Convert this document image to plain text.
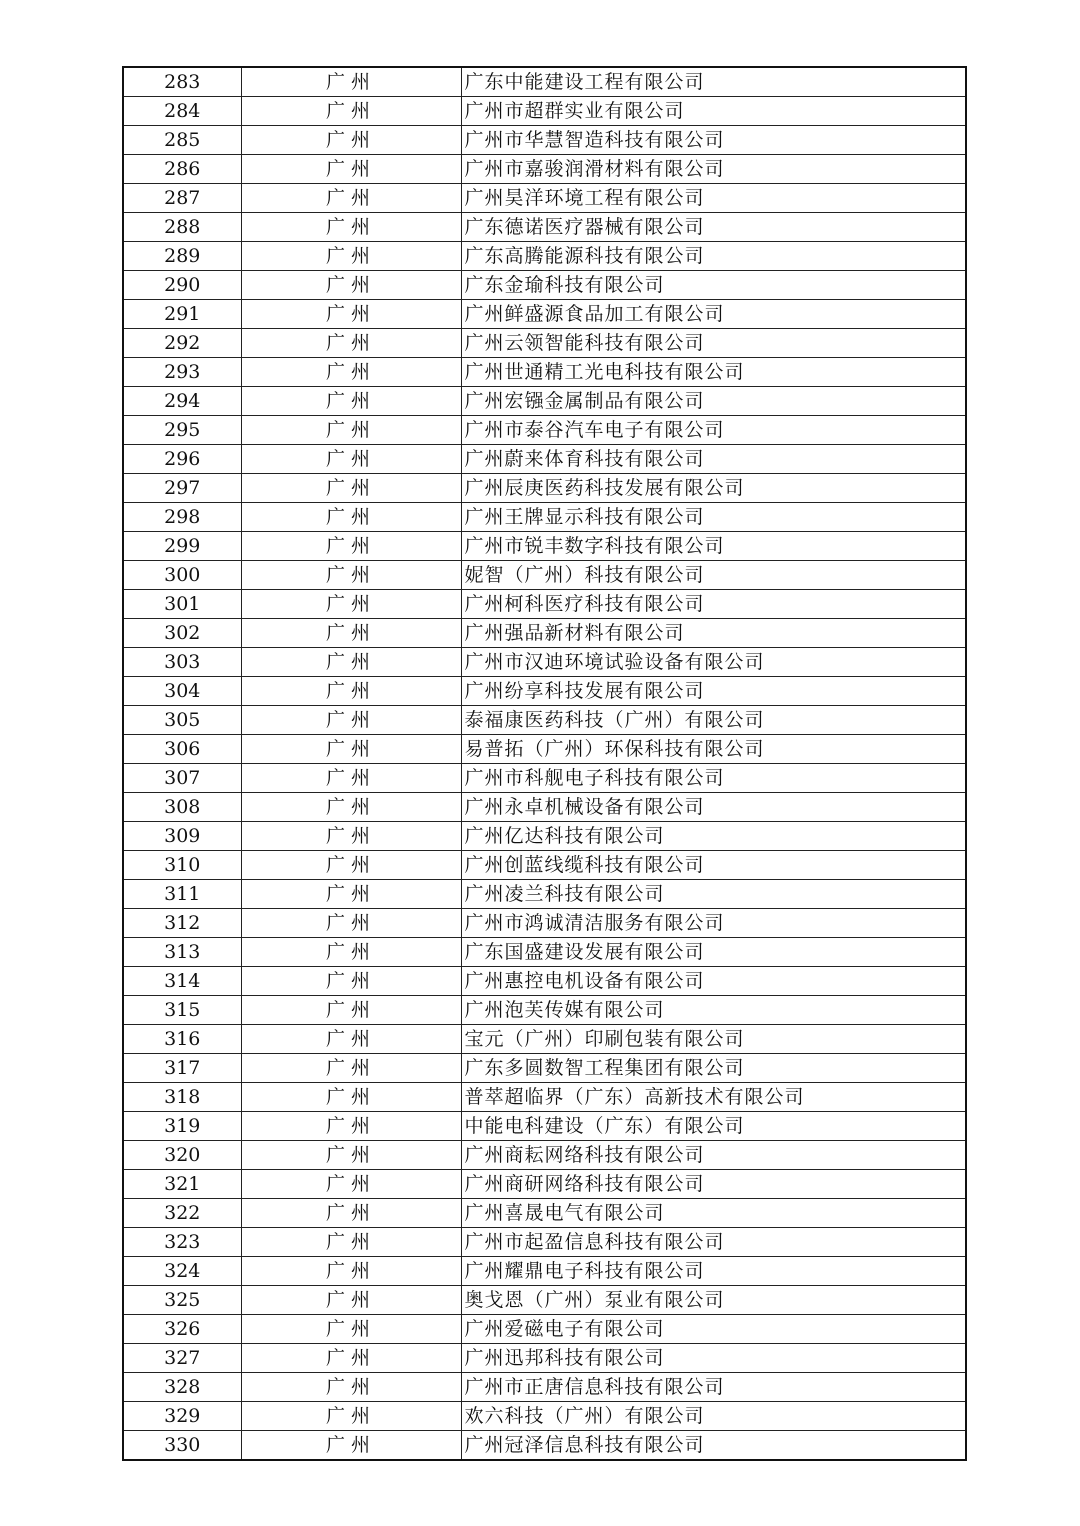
283	广州	广东中能建设工程有限公司
284	广州	广州市超群实业有限公司
285	广州	广州市华慧智造科技有限公司
286	广州	广州市嘉骏润滑材料有限公司
287	广州	广州昊洋环境工程有限公司
288	广州	广东德诺医疗器械有限公司
289	广州	广东高腾能源科技有限公司
290	广州	广东金瑜科技有限公司
291	广州	广州鲜盛源食品加工有限公司
292	广州	广州云领智能科技有限公司
293	广州	广州世通精工光电科技有限公司
294	广州	广州宏镪金属制品有限公司
295	广州	广州市泰谷汽车电子有限公司
296	广州	广州蔚来体育科技有限公司
297	广州	广州辰庚医药科技发展有限公司
298	广州	广州王牌显示科技有限公司
299	广州	广州市锐丰数字科技有限公司
300	广州	妮智（广州）科技有限公司
301	广州	广州柯科医疗科技有限公司
302	广州	广州强品新材料有限公司
303	广州	广州市汉迪环境试验设备有限公司
304	广州	广州纷享科技发展有限公司
305	广州	泰福康医药科技（广州）有限公司
306	广州	易普拓（广州）环保科技有限公司
307	广州	广州市科舰电子科技有限公司
308	广州	广州永卓机械设备有限公司
309	广州	广州亿达科技有限公司
310	广州	广州创蓝线缆科技有限公司
311	广州	广州凌兰科技有限公司
312	广州	广州市鸿诚清洁服务有限公司
313	广州	广东国盛建设发展有限公司
314	广州	广州惠控电机设备有限公司
315	广州	广州泡芙传媒有限公司
316	广州	宝元（广州）印刷包装有限公司
317	广州	广东多圆数智工程集团有限公司
318	广州	普萃超临界（广东）高新技术有限公司
319	广州	中能电科建设（广东）有限公司
320	广州	广州商耘网络科技有限公司
321	广州	广州商研网络科技有限公司
322	广州	广州喜晟电气有限公司
323	广州	广州市起盈信息科技有限公司
324	广州	广州耀鼎电子科技有限公司
325	广州	奥戈恩（广州）泵业有限公司
326	广州	广州爱磁电子有限公司
327	广州	广州迅邦科技有限公司
328	广州	广州市正唐信息科技有限公司
329	广州	欢六科技（广州）有限公司
330	广州	广州冠泽信息科技有限公司
